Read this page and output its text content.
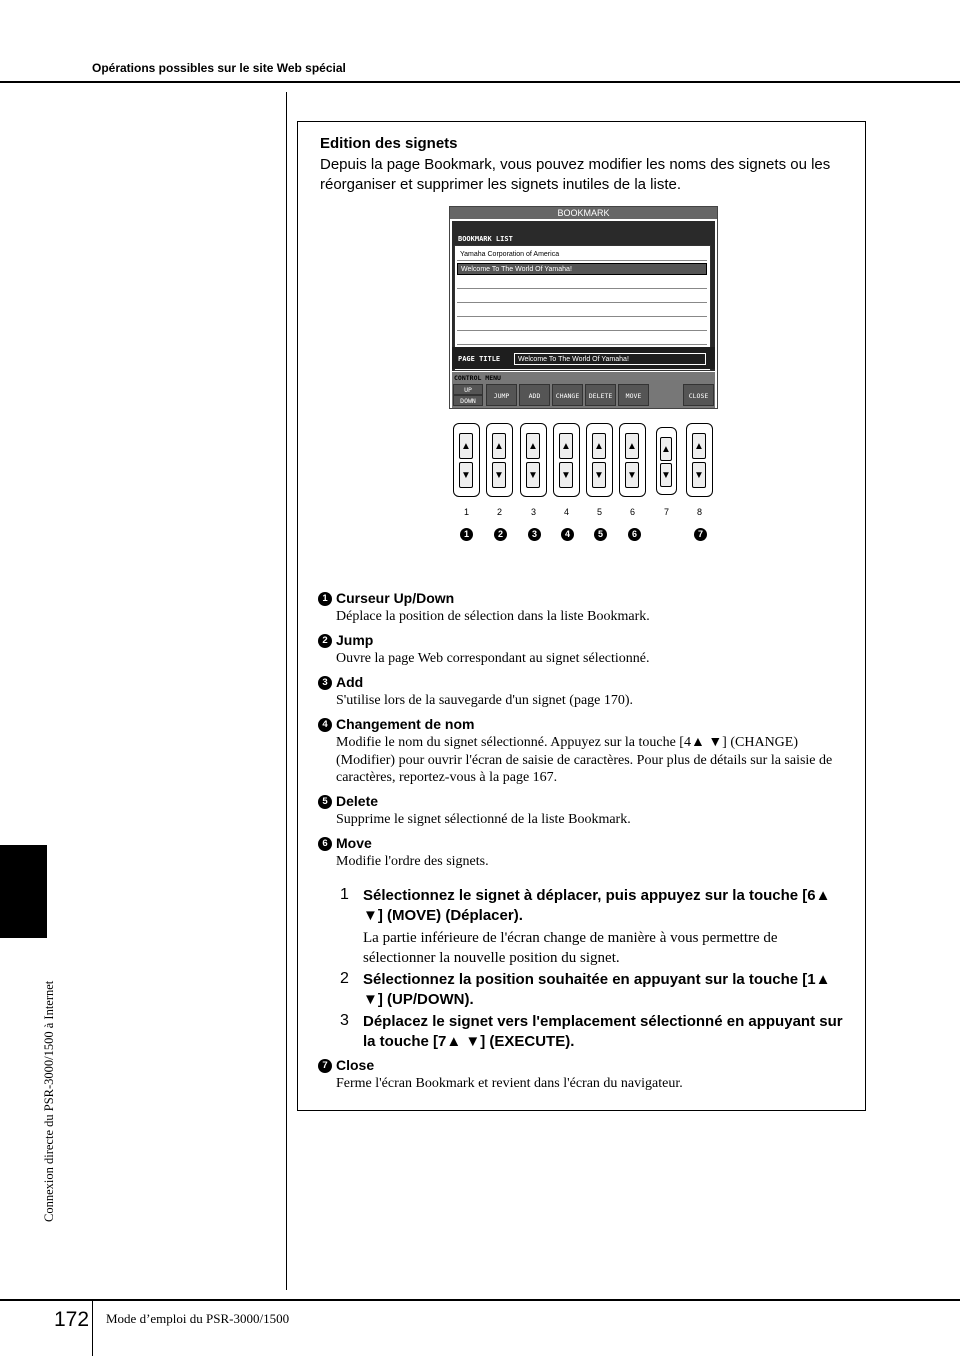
Opérations possibles sur le site Web spécial
Connexion directe du PSR-3000/1500 à Internet
Edition des signets
Depuis la page Bookmark, vous pouvez modifier les noms des signets ou les réorganiser et supprimer les signets inutiles de la liste.
BOOKMARK
Yamaha Corporation of America
Welcome To The World Of Yamaha!
BOOKMARK LIST
PAGE TITLE	Welcome To The World Of Yamaha!
CONTROL MENU
UP
DOWN
JUMP	ADD	CHANGE	DELETE	MOVE	CLOSE
▲
▼
▲
▼
▲
▼
▲
▼
▲
▼
▲
▼
▲
▼
▲
▼
1	2	3	4	5	6	7	8
1	2	3	4	5	6	7
1 Curseur Up/Down
Déplace la position de sélection dans la liste Bookmark.
2 Jump
Ouvre la page Web correspondant au signet sélectionné.
3 Add
S'utilise lors de la sauvegarde d'un signet (page 170).
4 Changement de nom
Modifie le nom du signet sélectionné. Appuyez sur la touche [4▲ ▼] (CHANGE) (Modifier) pour ouvrir l'écran de saisie de caractères. Pour plus de détails sur la saisie de caractères, reportez-vous à la page 167.
5 Delete
Supprime le signet sélectionné de la liste Bookmark.
6 Move
Modifie l'ordre des signets.
1 Sélectionnez le signet à déplacer, puis appuyez sur la touche [6▲ ▼] (MOVE) (Déplacer).
La partie inférieure de l'écran change de manière à vous permettre de sélectionner la nouvelle position du signet.
2 Sélectionnez la position souhaitée en appuyant sur la touche [1▲ ▼] (UP/DOWN).
3 Déplacez le signet vers l'emplacement sélectionné en appuyant sur la touche [7▲ ▼] (EXECUTE).
7 Close
Ferme l'écran Bookmark et revient dans l'écran du navigateur.
172 Mode d’emploi du PSR-3000/1500
